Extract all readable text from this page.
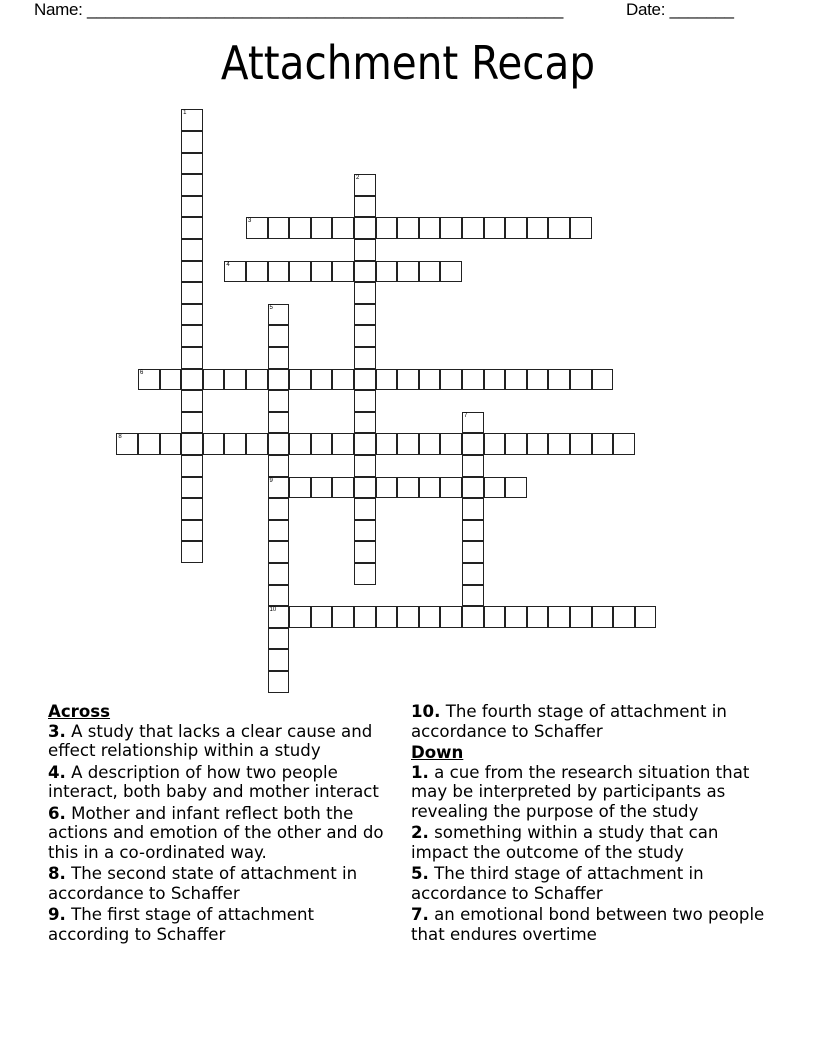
Name: ____________________________________________________	Date: _______
Attachment Recap
1
2
3
4
5
9
10
6
7
8
Across
3. A study that lacks a clear cause and effect relationship within a study
4. A description of how two people interact, both baby and mother interact
6. Mother and infant reflect both the actions and emotion of the other and do this in a co-ordinated way.
8. The second state of attachment in accordance to Schaffer
9. The first stage of attachment according to Schaffer
10. The fourth stage of attachment in accordance to Schaffer
Down
1. a cue from the research situation that may be interpreted by participants as revealing the purpose of the study
2. something within a study that can impact the outcome of the study
5. The third stage of attachment in accordance to Schaffer
7. an emotional bond between two people that endures overtime
